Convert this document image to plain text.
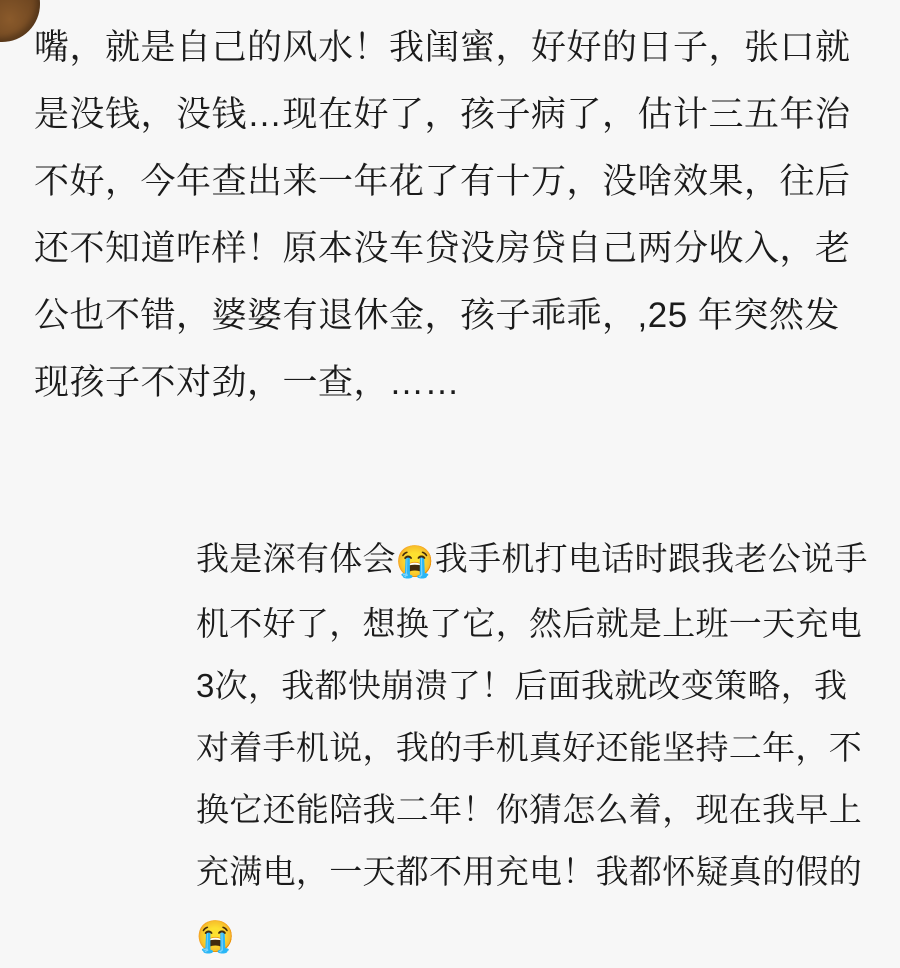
嘴，就是自己的风水！我闺蜜，好好的日子，张口就是没钱，没钱…现在好了，孩子病了，估计三五年治不好，今年查出来一年花了有十万，没啥效果，往后还不知道咋样！原本没车贷没房贷自己两分收入，老公也不错，婆婆有退休金，孩子乖乖，,25 年突然发现孩子不对劲，一查，……
我是深有体会😭我手机打电话时跟我老公说手机不好了，想换了它，然后就是上班一天充电3次，我都快崩溃了！后面我就改变策略，我对着手机说，我的手机真好还能坚持二年，不换它还能陪我二年！你猜怎么着，现在我早上充满电，一天都不用充电！我都怀疑真的假的😭
